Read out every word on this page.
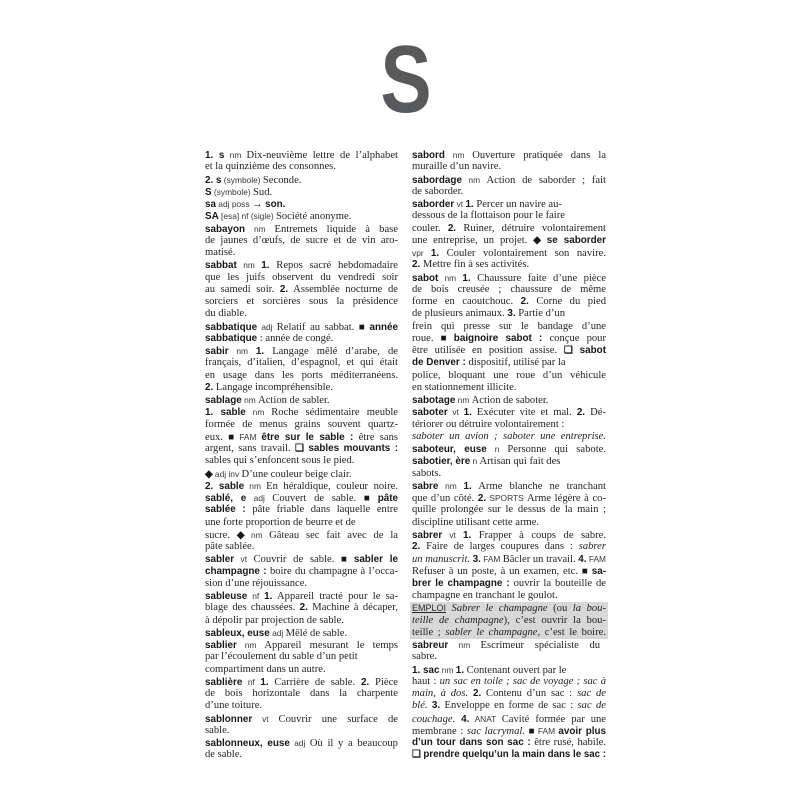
S
1. s nm Dix-neuvième lettre de l’alphabet
et la quinzième des consonnes.
2. s (symbole) Seconde.
S (symbole) Sud.
sa adj poss → son.
SA [esa] nf (sigle) Société anonyme.
sabayon nm Entremets liquide à base
de jaunes d’œufs, de sucre et de vin aro-
matisé.
sabbat nm 1. Repos sacré hebdomadaire
que les juifs observent du vendredi soir
au samedi soir. 2. Assemblée nocturne de
sorciers et sorcières sous la présidence
du diable.
sabbatique adj Relatif au sabbat. ■ année
sabbatique : année de congé.
sabir nm 1. Langage mêlé d’arabe, de
français, d’italien, d’espagnol, et qui était
en usage dans les ports méditerranéens.
2. Langage incompréhensible.
sablage nm Action de sabler.
1. sable nm Roche sédimentaire meuble
formée de menus grains souvent quartz-
eux. ■ FAM être sur le sable : être sans
argent, sans travail. ❑ sables mouvants :
sables qui s’enfoncent sous le pied.
◆ adj inv D’une couleur beige clair.
2. sable nm En héraldique, couleur noire.
sablé, e adj Couvert de sable. ■ pâte
sablée : pâte friable dans laquelle entre
une forte proportion de beurre et de
sucre. ◆ nm Gâteau sec fait avec de la
pâte sablée.
sabler vt Couvrir de sable. ■ sabler le
champagne : boire du champagne à l’occa-
sion d’une réjouissance.
sableuse nf 1. Appareil tracté pour le sa-
blage des chaussées. 2. Machine à décaper,
à dépolir par projection de sable.
sableux, euse adj Mêlé de sable.
sablier nm Appareil mesurant le temps
par l’écoulement du sable d’un petit
compartiment dans un autre.
sablière nf 1. Carrière de sable. 2. Pièce
de bois horizontale dans la charpente
d’une toiture.
sablonner vt Couvrir une surface de
sable.
sablonneux, euse adj Où il y a beaucoup
de sable.
sabord nm Ouverture pratiquée dans la
muraille d’un navire.
sabordage nm Action de saborder ; fait
de saborder.
saborder vt 1. Percer un navire au-
dessous de la flottaison pour le faire
couler. 2. Ruiner, détruire volontairement
une entreprise, un projet. ◆ se saborder
vpr 1. Couler volontairement son navire.
2. Mettre fin à ses activités.
sabot nm 1. Chaussure faite d’une pièce
de bois creusée ; chaussure de même
forme en caoutchouc. 2. Corne du pied
de plusieurs animaux. 3. Partie d’un
frein qui presse sur le bandage d’une
roue. ■ baignoire sabot : conçue pour
être utilisée en position assise. ❑ sabot
de Denver : dispositif, utilisé par la
police, bloquant une roue d’un véhicule
en stationnement illicite.
sabotage nm Action de saboter.
saboter vt 1. Exécuter vite et mal. 2. Dé-
tériorer ou détruire volontairement :
saboter un avion ; saboter une entreprise.
saboteur, euse n Personne qui sabote.
sabotier, ère n Artisan qui fait des
sabots.
sabre nm 1. Arme blanche ne tranchant
que d’un côté. 2. SPORTS Arme légère à co-
quille prolongée sur le dessus de la main ;
discipline utilisant cette arme.
sabrer vt 1. Frapper à coups de sabre.
2. Faire de larges coupures dans : sabrer
un manuscrit. 3. FAM Bâcler un travail. 4. FAM
Refuser à un poste, à un examen, etc. ■ sa-
brer le champagne : ouvrir la bouteille de
champagne en tranchant le goulot.
EMPLOI Sabrer le champagne (ou la bou-
teille de champagne), c’est ouvrir la bou-
teille ; sabler le champagne, c’est le boire.
sabreur nm Escrimeur spécialiste du
sabre.
1. sac nm 1. Contenant ouvert par le
haut : un sac en toile ; sac de voyage ; sac à
main, à dos. 2. Contenu d’un sac : sac de
blé. 3. Enveloppe en forme de sac : sac de
couchage. 4. ANAT Cavité formée par une
membrane : sac lacrymal. ■ FAM avoir plus
d’un tour dans son sac : être rusé, habile.
❑ prendre quelqu’un la main dans le sac :
